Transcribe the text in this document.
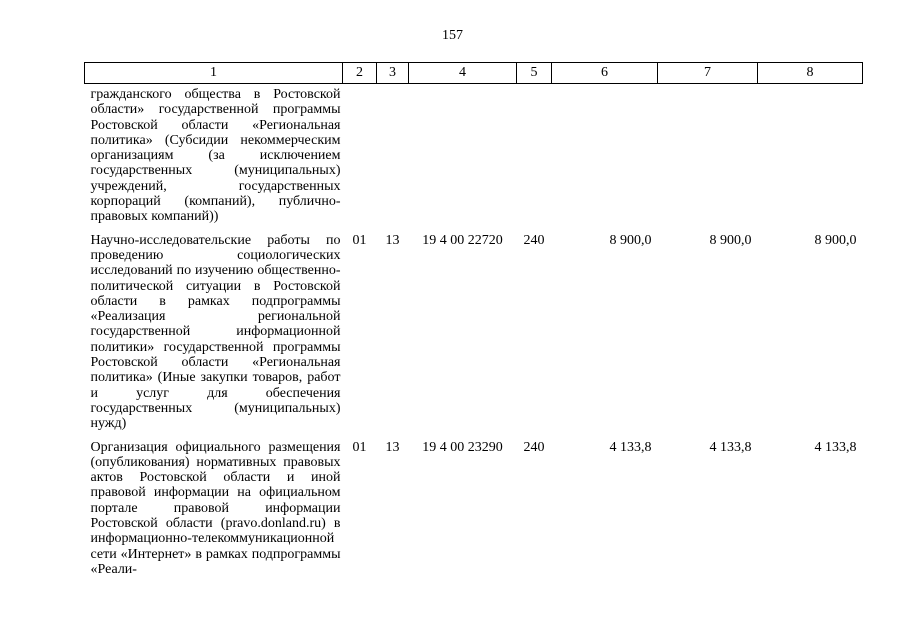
157
1	2	3	4	5	6	7	8
гражданского общества в Ростовской области» государственной программы Ростовской области «Региональная политика» (Субсидии некоммерческим организациям (за исключением государственных (муниципальных) учреждений, государственных корпораций (компаний), публично-правовых компаний))							
Научно-исследовательские работы по проведению социологических исследований по изучению общественно-политической ситуации в Ростовской области в рамках подпрограммы «Реализация региональной государственной информационной политики» государственной программы Ростовской области «Региональная политика» (Иные закупки товаров, работ и услуг для обеспечения государственных (муниципальных) нужд)	01	13	19 4 00 22720	240	8 900,0	8 900,0	8 900,0
Организация официального размещения (опубликования) нормативных правовых актов Ростовской области и иной правовой информации на официальном портале правовой информации Ростовской области (pravo.donland.ru) в информационно-телекоммуникационной сети «Интернет» в рамках подпрограммы «Реали-	01	13	19 4 00 23290	240	4 133,8	4 133,8	4 133,8
